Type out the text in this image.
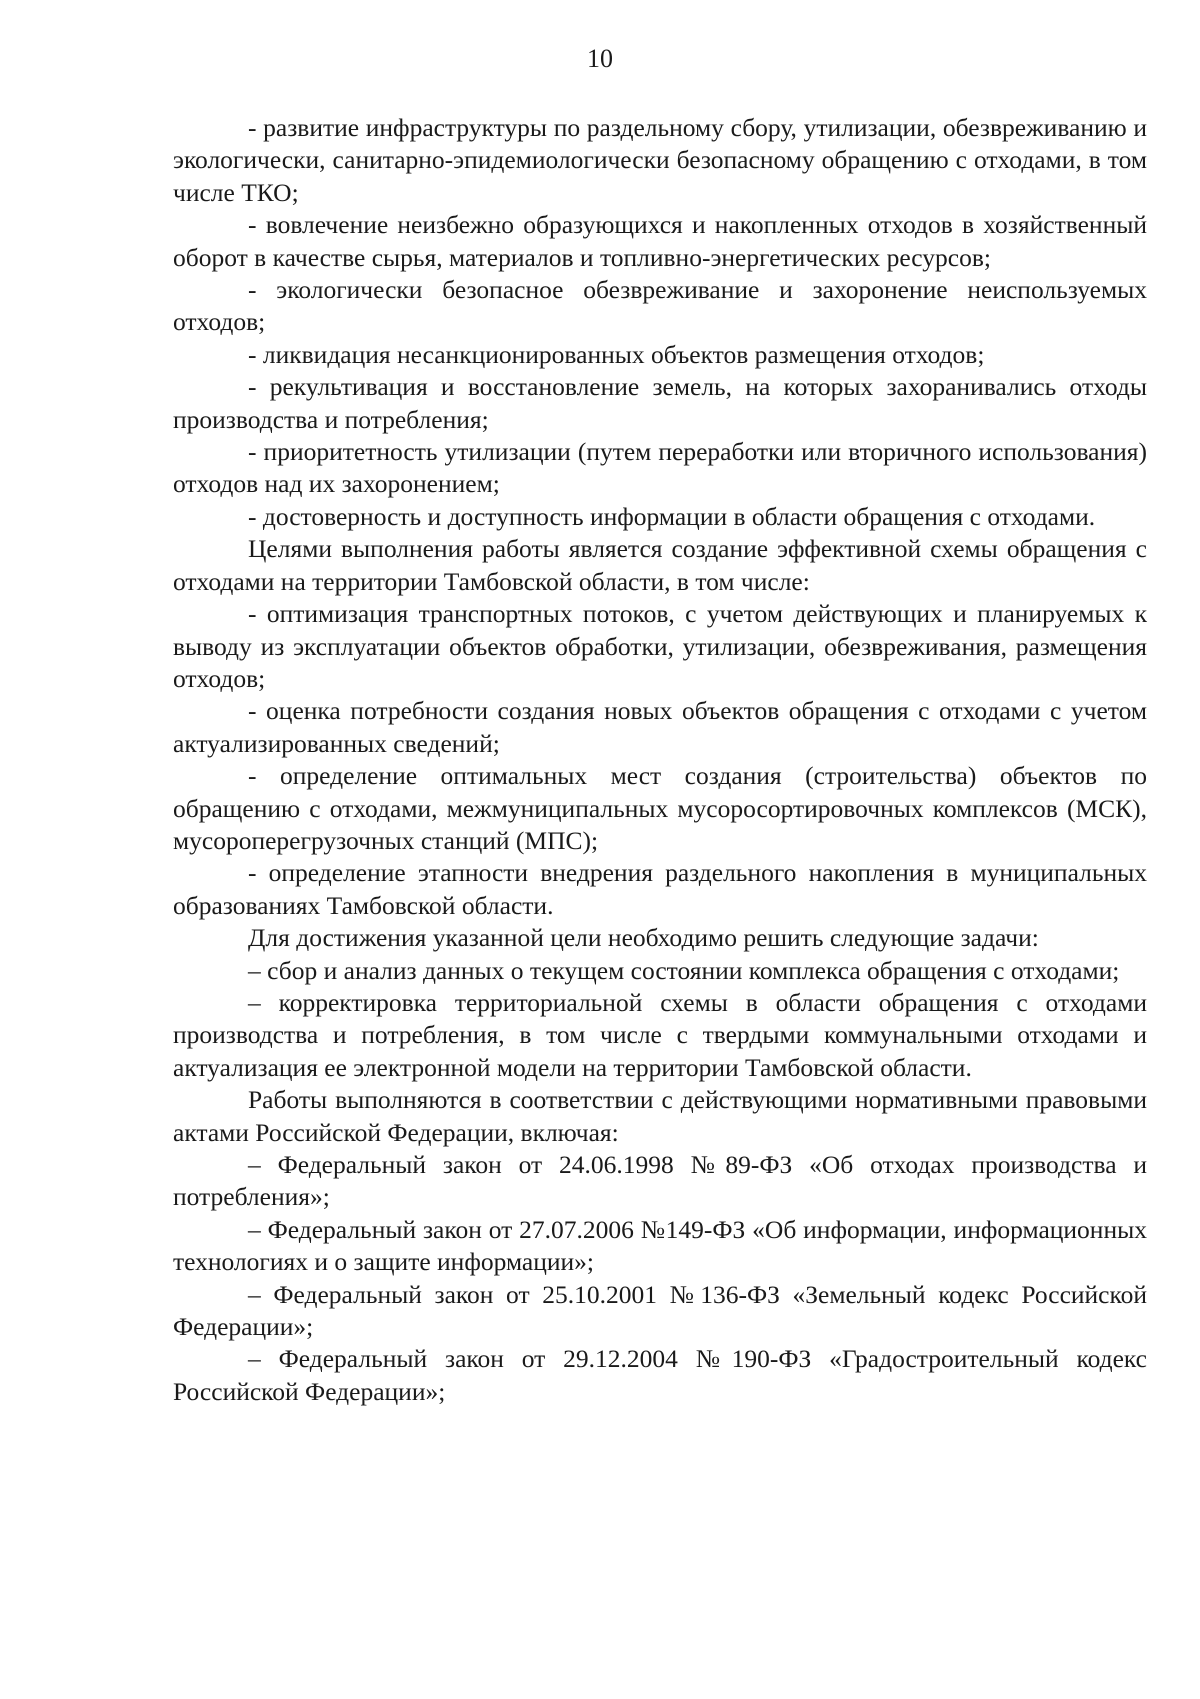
10

- развитие инфраструктуры по раздельному сбору, утилизации, обезвреживанию и экологически, санитарно-эпидемиологически безопасному обращению с отходами, в том числе ТКО;

- вовлечение неизбежно образующихся и накопленных отходов в хозяйственный оборот в качестве сырья, материалов и топливно-энергетических ресурсов;

- экологически безопасное обезвреживание и захоронение неиспользуемых отходов;

- ликвидация несанкционированных объектов размещения отходов;

- рекультивация и восстановление земель, на которых захоранивались отходы производства и потребления;

- приоритетность утилизации (путем переработки или вторичного использования) отходов над их захоронением;

- достоверность и доступность информации в области обращения с отходами.

Целями выполнения работы является создание эффективной схемы обращения с отходами на территории Тамбовской области, в том числе:

- оптимизация транспортных потоков, с учетом действующих и планируемых к выводу из эксплуатации объектов обработки, утилизации, обезвреживания, размещения отходов;

- оценка потребности создания новых объектов обращения с отходами с учетом актуализированных сведений;

- определение оптимальных мест создания (строительства) объектов по обращению с отходами, межмуниципальных мусоросортировочных комплексов (МСК), мусороперегрузочных станций (МПС);

- определение этапности внедрения раздельного накопления в муниципальных образованиях Тамбовской области.

Для достижения указанной цели необходимо решить следующие задачи:

– сбор и анализ данных о текущем состоянии комплекса обращения с отходами;

– корректировка территориальной схемы в области обращения с отходами производства и потребления, в том числе с твердыми коммунальными отходами и актуализация ее электронной модели на территории Тамбовской области.

Работы выполняются в соответствии с действующими нормативными правовыми актами Российской Федерации, включая:

– Федеральный закон от 24.06.1998 №89-ФЗ «Об отходах производства и потребления»;

– Федеральный закон от 27.07.2006 №149-ФЗ «Об информации, информационных технологиях и о защите информации»;

– Федеральный закон от 25.10.2001 №136-ФЗ «Земельный кодекс Российской Федерации»;

– Федеральный закон от 29.12.2004 №190-ФЗ «Градостроительный кодекс Российской Федерации»;
